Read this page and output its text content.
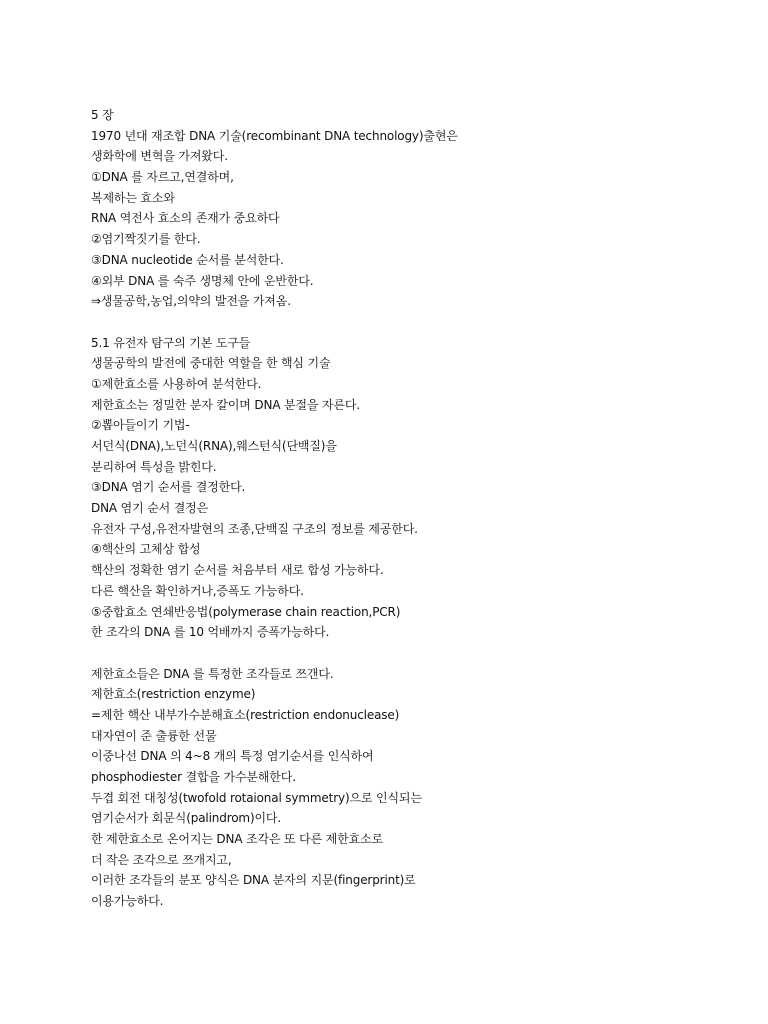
5 장
1970 년대 재조합 DNA 기술(recombinant DNA technology)출현은
생화학에 변혁을 가져왔다.
①DNA 를 자르고,연결하며,
복제하는 효소와
RNA 역전사 효소의 존재가 중요하다
②염기짝짓기를 한다.
③DNA nucleotide 순서를 분석한다.
④외부 DNA 를 숙주 생명체 안에 운반한다.
⇒생물공학,농업,의약의 발전을 가져옴.
5.1 유전자 탐구의 기본 도구들
생물공학의 발전에 중대한 역할을 한 핵심 기술
①제한효소를 사용하여 분석한다.
제한효소는 정밀한 분자 칼이며 DNA 분절을 자른다.
②뽑아들이기 기법-
서던식(DNA),노던식(RNA),웨스턴식(단백질)을
분리하여 특성을 밝힌다.
③DNA 염기 순서를 결정한다.
DNA 염기 순서 결정은
유전자 구성,유전자발현의 조종,단백질 구조의 정보를 제공한다.
④핵산의 고체상 합성
핵산의 정확한 염기 순서를 처음부터 새로 합성 가능하다.
다른 핵산을 확인하거나,증폭도 가능하다.
⑤중합효소 연쇄반응법(polymerase chain reaction,PCR)
한 조각의 DNA 를 10 억배까지 증폭가능하다.
제한효소들은 DNA 를 특정한 조각들로 쯔갠다.
제한효소(restriction enzyme)
=제한 핵산 내부가수분해효소(restriction endonuclease)
대자연이 준 출륭한 선물
이중나선 DNA 의 4~8 개의 특정 염기순서를 인식하여
phosphodiester 결합을 가수분해한다.
두겹 회전 대칭성(twofold rotaional symmetry)으로 인식되는
염기순서가 회문식(palindrom)이다.
한 제한효소로 온어지는 DNA 조각은 또 다른 제한효소로
더 작은 조각으로 쯔개지고,
이러한 조각들의 분포 양식은 DNA 분자의 지문(fingerprint)로
이용가능하다.
